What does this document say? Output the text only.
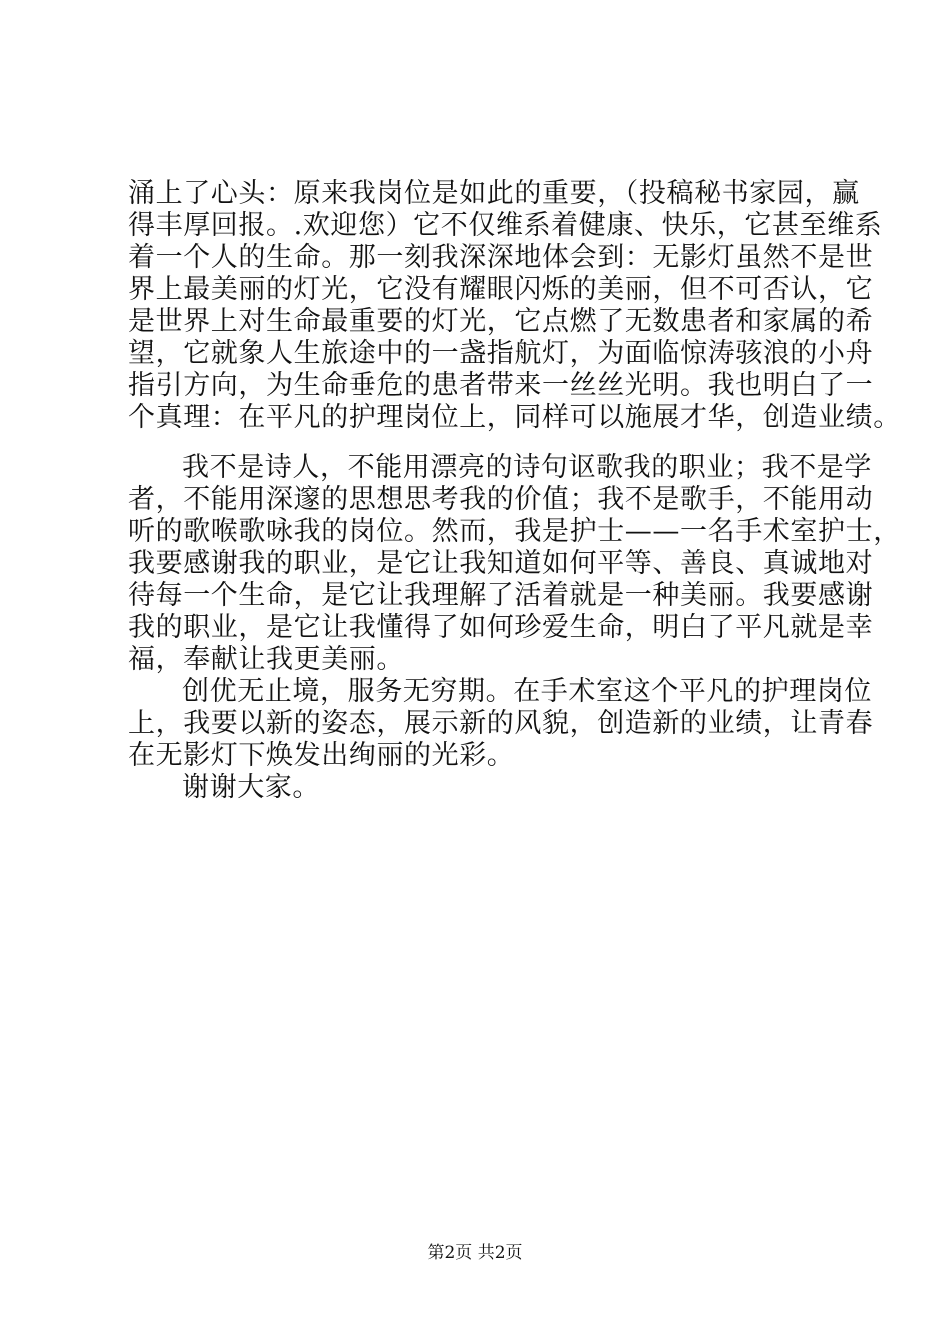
涌上了心头：原来我岗位是如此的重要，（投稿秘书家园，赢
得丰厚回报。.欢迎您）它不仅维系着健康、快乐，它甚至维系
着一个人的生命。那一刻我深深地体会到：无影灯虽然不是世
界上最美丽的灯光，它没有耀眼闪烁的美丽，但不可否认，它
是世界上对生命最重要的灯光，它点燃了无数患者和家属的希
望，它就象人生旅途中的一盏指航灯，为面临惊涛骇浪的小舟
指引方向，为生命垂危的患者带来一丝丝光明。我也明白了一
个真理：在平凡的护理岗位上，同样可以施展才华，创造业绩。
我不是诗人，不能用漂亮的诗句讴歌我的职业；我不是学
者，不能用深邃的思想思考我的价值；我不是歌手，不能用动
听的歌喉歌咏我的岗位。然而，我是护士——一名手术室护士，
我要感谢我的职业，是它让我知道如何平等、善良、真诚地对
待每一个生命，是它让我理解了活着就是一种美丽。我要感谢
我的职业，是它让我懂得了如何珍爱生命，明白了平凡就是幸
福，奉献让我更美丽。
创优无止境，服务无穷期。在手术室这个平凡的护理岗位
上，我要以新的姿态，展示新的风貌，创造新的业绩，让青春
在无影灯下焕发出绚丽的光彩。
谢谢大家。
第2页 共2页
